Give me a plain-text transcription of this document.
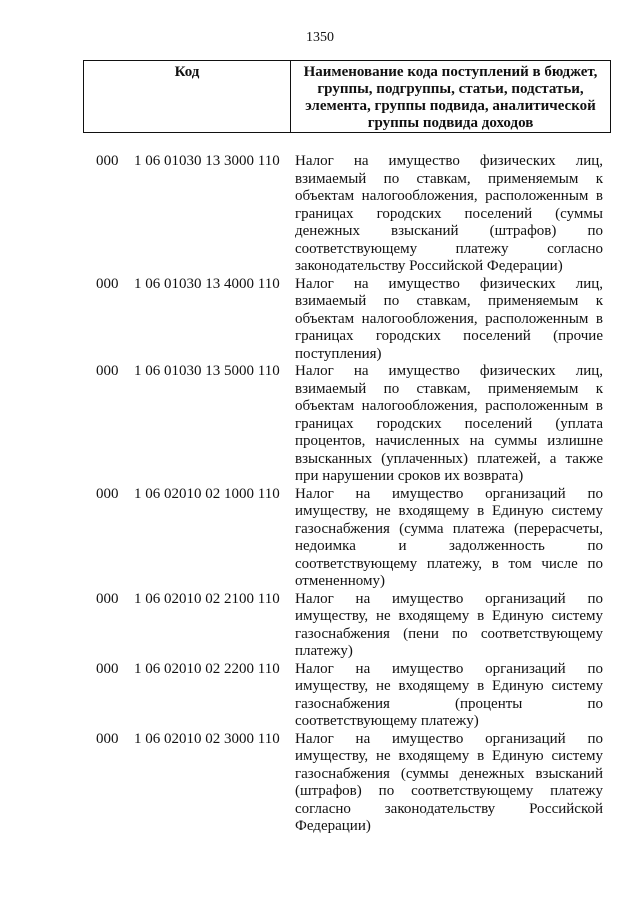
1350
Код	Наименование кода поступлений в бюджет, группы, подгруппы, статьи, подстатьи, элемента, группы подвида, аналитической группы подвида доходов
000 1 06 01030 13 3000 110 Налог на имущество физических лиц, взимаемый по ставкам, применяемым к объектам налогообложения, расположенным в границах городских поселений (суммы денежных взысканий (штрафов) по соответствующему платежу согласно законодательству Российской Федерации)
000 1 06 01030 13 4000 110 Налог на имущество физических лиц, взимаемый по ставкам, применяемым к объектам налогообложения, расположенным в границах городских поселений (прочие поступления)
000 1 06 01030 13 5000 110 Налог на имущество физических лиц, взимаемый по ставкам, применяемым к объектам налогообложения, расположенным в границах городских поселений (уплата процентов, начисленных на суммы излишне взысканных (уплаченных) платежей, а также при нарушении сроков их возврата)
000 1 06 02010 02 1000 110 Налог на имущество организаций по имуществу, не входящему в Единую систему газоснабжения (сумма платежа (перерасчеты, недоимка и задолженность по соответствующему платежу, в том числе по отмененному)
000 1 06 02010 02 2100 110 Налог на имущество организаций по имуществу, не входящему в Единую систему газоснабжения (пени по соответствующему платежу)
000 1 06 02010 02 2200 110 Налог на имущество организаций по имуществу, не входящему в Единую систему газоснабжения (проценты по соответствующему платежу)
000 1 06 02010 02 3000 110 Налог на имущество организаций по имуществу, не входящему в Единую систему газоснабжения (суммы денежных взысканий (штрафов) по соответствующему платежу согласно законодательству Российской Федерации)
